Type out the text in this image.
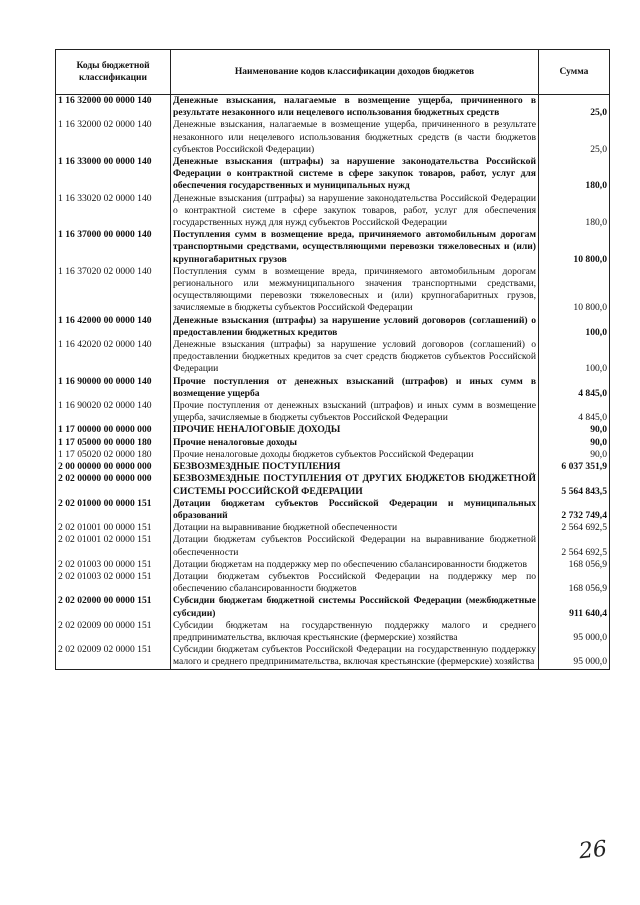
Коды бюджетной классификации	Наименование кодов классификации доходов бюджетов	Сумма
1 16 32000 00 0000 140	Денежные взыскания, налагаемые в возмещение ущерба, причиненного в результате незаконного или нецелевого использования бюджетных средств	25,0
1 16 32000 02 0000 140	Денежные взыскания, налагаемые в возмещение ущерба, причиненного в результате незаконного или нецелевого использования бюджетных средств (в части бюджетов субъектов Российской Федерации)	25,0
1 16 33000 00 0000 140	Денежные взыскания (штрафы) за нарушение законодательства Российской Федерации о контрактной системе в сфере закупок товаров, работ, услуг для обеспечения государственных и муниципальных нужд	180,0
1 16 33020 02 0000 140	Денежные взыскания (штрафы) за нарушение законодательства Российской Федерации о контрактной системе в сфере закупок товаров, работ, услуг для обеспечения государственных нужд для нужд субъектов Российской Федерации	180,0
1 16 37000 00 0000 140	Поступления сумм в возмещение вреда, причиняемого автомобильным дорогам транспортными средствами, осуществляющими перевозки тяжеловесных и (или) крупногабаритных грузов	10 800,0
1 16 37020 02 0000 140	Поступления сумм в возмещение вреда, причиняемого автомобильным дорогам регионального или межмуниципального значения транспортными средствами, осуществляющими перевозки тяжеловесных и (или) крупногабаритных грузов, зачисляемые в бюджеты субъектов Российской Федерации	10 800,0
1 16 42000 00 0000 140	Денежные взыскания (штрафы) за нарушение условий договоров (соглашений) о предоставлении бюджетных кредитов	100,0
1 16 42020 02 0000 140	Денежные взыскания (штрафы) за нарушение условий договоров (соглашений) о предоставлении бюджетных кредитов за счет средств бюджетов субъектов Российской Федерации	100,0
1 16 90000 00 0000 140	Прочие поступления от денежных взысканий (штрафов) и иных сумм в возмещение ущерба	4 845,0
1 16 90020 02 0000 140	Прочие поступления от денежных взысканий (штрафов) и иных сумм в возмещение ущерба, зачисляемые в бюджеты субъектов Российской Федерации	4 845,0
1 17 00000 00 0000 000	ПРОЧИЕ НЕНАЛОГОВЫЕ ДОХОДЫ	90,0
1 17 05000 00 0000 180	Прочие неналоговые доходы	90,0
1 17 05020 02 0000 180	Прочие неналоговые доходы бюджетов субъектов Российской Федерации	90,0
2 00 00000 00 0000 000	БЕЗВОЗМЕЗДНЫЕ ПОСТУПЛЕНИЯ	6 037 351,9
2 02 00000 00 0000 000	БЕЗВОЗМЕЗДНЫЕ ПОСТУПЛЕНИЯ ОТ ДРУГИХ БЮДЖЕТОВ БЮДЖЕТНОЙ СИСТЕМЫ РОССИЙСКОЙ ФЕДЕРАЦИИ	5 564 843,5
2 02 01000 00 0000 151	Дотации бюджетам субъектов Российской Федерации и муниципальных образований	2 732 749,4
2 02 01001 00 0000 151	Дотации на выравнивание бюджетной обеспеченности	2 564 692,5
2 02 01001 02 0000 151	Дотации бюджетам субъектов Российской Федерации на выравнивание бюджетной обеспеченности	2 564 692,5
2 02 01003 00 0000 151	Дотации бюджетам на поддержку мер по обеспечению сбалансированности бюджетов	168 056,9
2 02 01003 02 0000 151	Дотации бюджетам субъектов Российской Федерации на поддержку мер по обеспечению сбалансированности бюджетов	168 056,9
2 02 02000 00 0000 151	Субсидии бюджетам бюджетной системы Российской Федерации (межбюджетные субсидии)	911 640,4
2 02 02009 00 0000 151	Субсидии бюджетам на государственную поддержку малого и среднего предпринимательства, включая крестьянские (фермерские) хозяйства	95 000,0
2 02 02009 02 0000 151	Субсидии бюджетам субъектов Российской Федерации на государственную поддержку малого и среднего предпринимательства, включая крестьянские (фермерские) хозяйства	95 000,0
26
